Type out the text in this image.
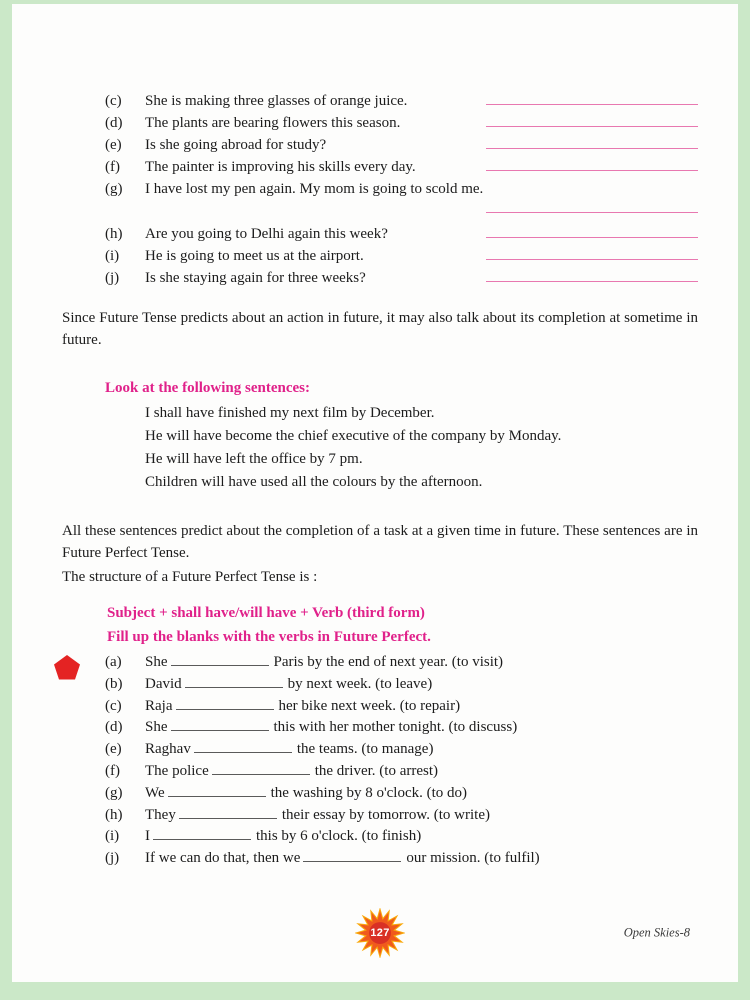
(c)	She is making three glasses of orange juice.
(d)	The plants are bearing flowers this season.
(e)	Is she going abroad for study?
(f)	The painter is improving his skills every day.
(g)	I have lost my pen again. My mom is going to scold me.
(h)	Are you going to Delhi again this week?
(i)	He is going to meet us at the airport.
(j)	Is she staying again for three weeks?

Since Future Tense predicts about an action in future, it may also talk about its completion at sometime in future.

Look at the following sentences:
I shall have finished my next film by December.
He will have become the chief executive of the company by Monday.
He will have left the office by 7 pm.
Children will have used all the colours by the afternoon.

All these sentences predict about the completion of a task at a given time in future. These sentences are in Future Perfect Tense.

The structure of a Future Perfect Tense is :

Subject + shall have/will have + Verb (third form)
Fill up the blanks with the verbs in Future Perfect.
(a)	She	Paris by the end of next year. (to visit)
(b)	David	by next week. (to leave)
(c)	Raja	her bike next week. (to repair)
(d)	She	this with her mother tonight. (to discuss)
(e)	Raghav	the teams. (to manage)
(f)	The police	the driver. (to arrest)
(g)	We	the washing by 8 o'clock. (to do)
(h)	They	their essay by tomorrow. (to write)
(i)	I	this by 6 o'clock. (to finish)
(j)	If we can do that, then we	our mission. (to fulfil)
127	Open Skies-8
